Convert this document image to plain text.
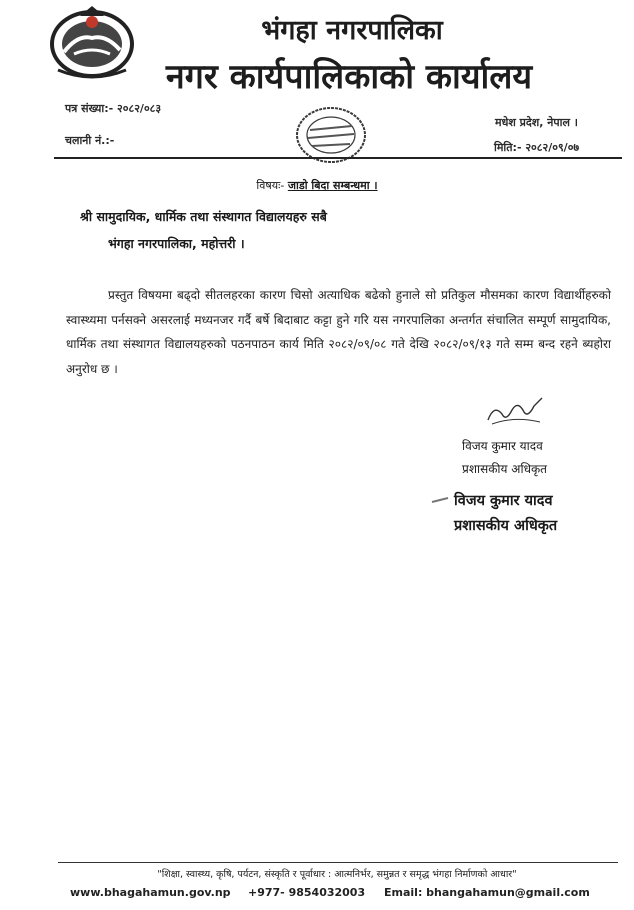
भंगहा नगरपालिका
नगर कार्यपालिकाको कार्यालय
पत्र संख्या:- २०८२/०८३
चलानी नं.:-
मधेश प्रदेश, नेपाल ।
मिति:- २०८२/०९/०७
विषयः- जाडो बिदा सम्बन्धमा ।
श्री सामुदायिक, धार्मिक तथा संस्थागत विद्यालयहरु सबै
भंगहा नगरपालिका, महोत्तरी ।
प्रस्तुत विषयमा बढ्दो सीतलहरका कारण चिसो अत्याधिक बढेको हुनाले सो प्रतिकुल मौसमका कारण विद्यार्थीहरुको स्वास्थ्यमा पर्नसक्ने असरलाई मध्यनजर गर्दै बर्षे बिदाबाट कट्टा हुने गरि यस नगरपालिका अन्तर्गत संचालित सम्पूर्ण सामुदायिक, धार्मिक तथा संस्थागत विद्यालयहरुको पठनपाठन कार्य मिति २०८२/०९/०८ गते देखि २०८२/०९/१३ गते सम्म बन्द रहने ब्यहोरा अनुरोध छ ।
विजय कुमार यादव
प्रशासकीय अधिकृत
विजय कुमार यादव
प्रशासकीय अधिकृत
"शिक्षा, स्वास्थ्य, कृषि, पर्यटन, संस्कृति र पूर्वाधार : आत्मनिर्भर, समुन्नत र समृद्ध भंगहा निर्माणको आधार"
www.bhagahamun.gov.np +977- 9854032003 Email: bhangahamun@gmail.com
